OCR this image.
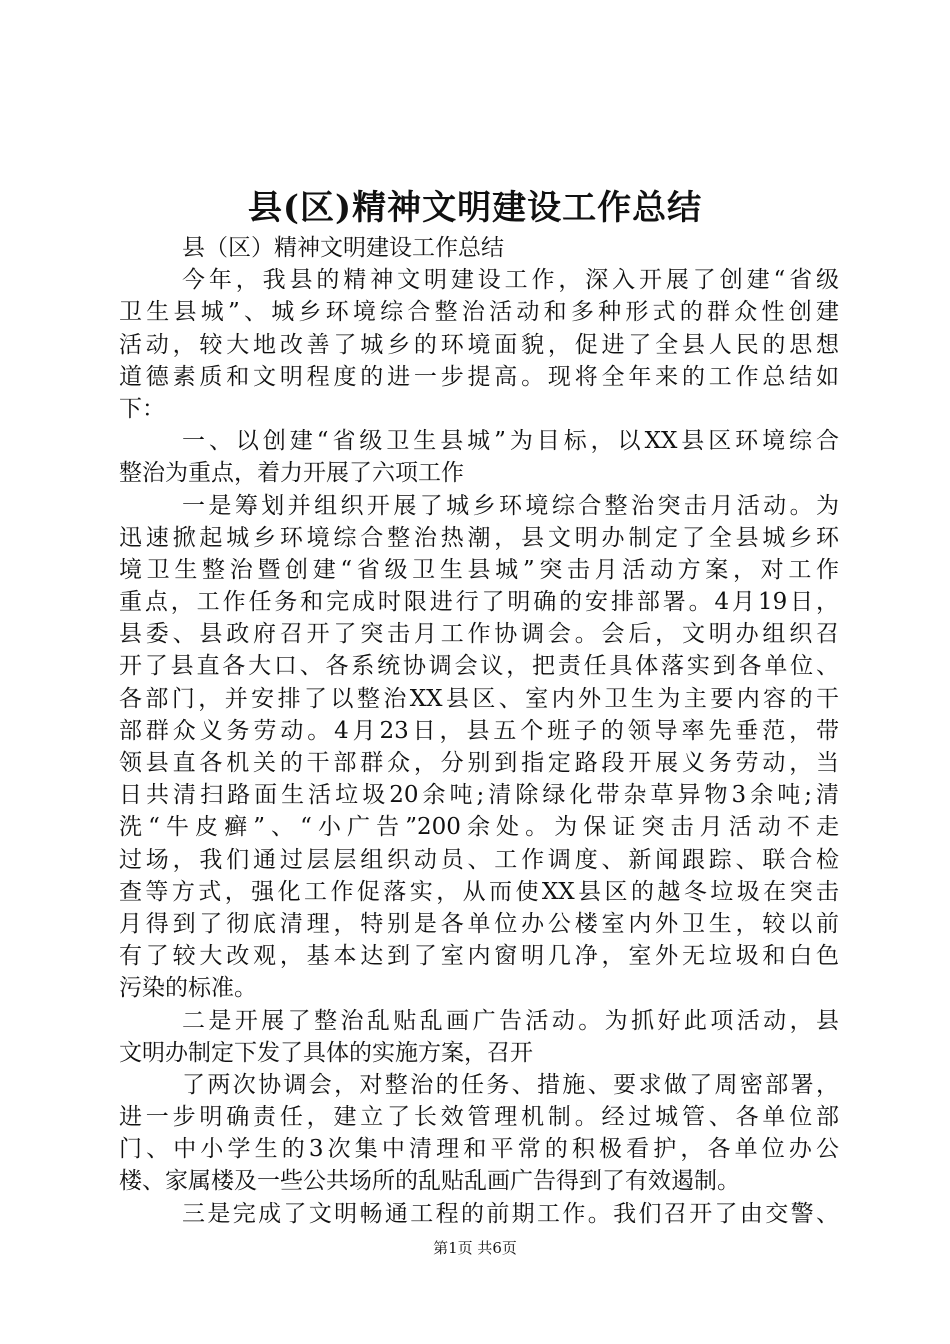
县(区)精神文明建设工作总结
县（区）精神文明建设工作总结
今年，我县的精神文明建设工作，深入开展了创建“省级
卫生县城”、城乡环境综合整治活动和多种形式的群众性创建
活动，较大地改善了城乡的环境面貌，促进了全县人民的思想
道德素质和文明程度的进一步提高。现将全年来的工作总结如
下：
一、以创建“省级卫生县城”为目标，以XX县区环境综合
整治为重点，着力开展了六项工作
一是筹划并组织开展了城乡环境综合整治突击月活动。为
迅速掀起城乡环境综合整治热潮，县文明办制定了全县城乡环
境卫生整治暨创建“省级卫生县城”突击月活动方案，对工作
重点，工作任务和完成时限进行了明确的安排部署。4月19日，
县委、县政府召开了突击月工作协调会。会后，文明办组织召
开了县直各大口、各系统协调会议，把责任具体落实到各单位、
各部门，并安排了以整治XX县区、室内外卫生为主要内容的干
部群众义务劳动。4月23日，县五个班子的领导率先垂范，带
领县直各机关的干部群众，分别到指定路段开展义务劳动，当
日共清扫路面生活垃圾20余吨;清除绿化带杂草异物3余吨;清
洗“牛皮癣”、“小广告”200余处。为保证突击月活动不走
过场，我们通过层层组织动员、工作调度、新闻跟踪、联合检
查等方式，强化工作促落实，从而使XX县区的越冬垃圾在突击
月得到了彻底清理，特别是各单位办公楼室内外卫生，较以前
有了较大改观，基本达到了室内窗明几净，室外无垃圾和白色
污染的标准。
二是开展了整治乱贴乱画广告活动。为抓好此项活动，县
文明办制定下发了具体的实施方案，召开
了两次协调会，对整治的任务、措施、要求做了周密部署，
进一步明确责任，建立了长效管理机制。经过城管、各单位部
门、中小学生的3次集中清理和平常的积极看护，各单位办公
楼、家属楼及一些公共场所的乱贴乱画广告得到了有效遏制。
三是完成了文明畅通工程的前期工作。我们召开了由交警、
第1页 共6页
